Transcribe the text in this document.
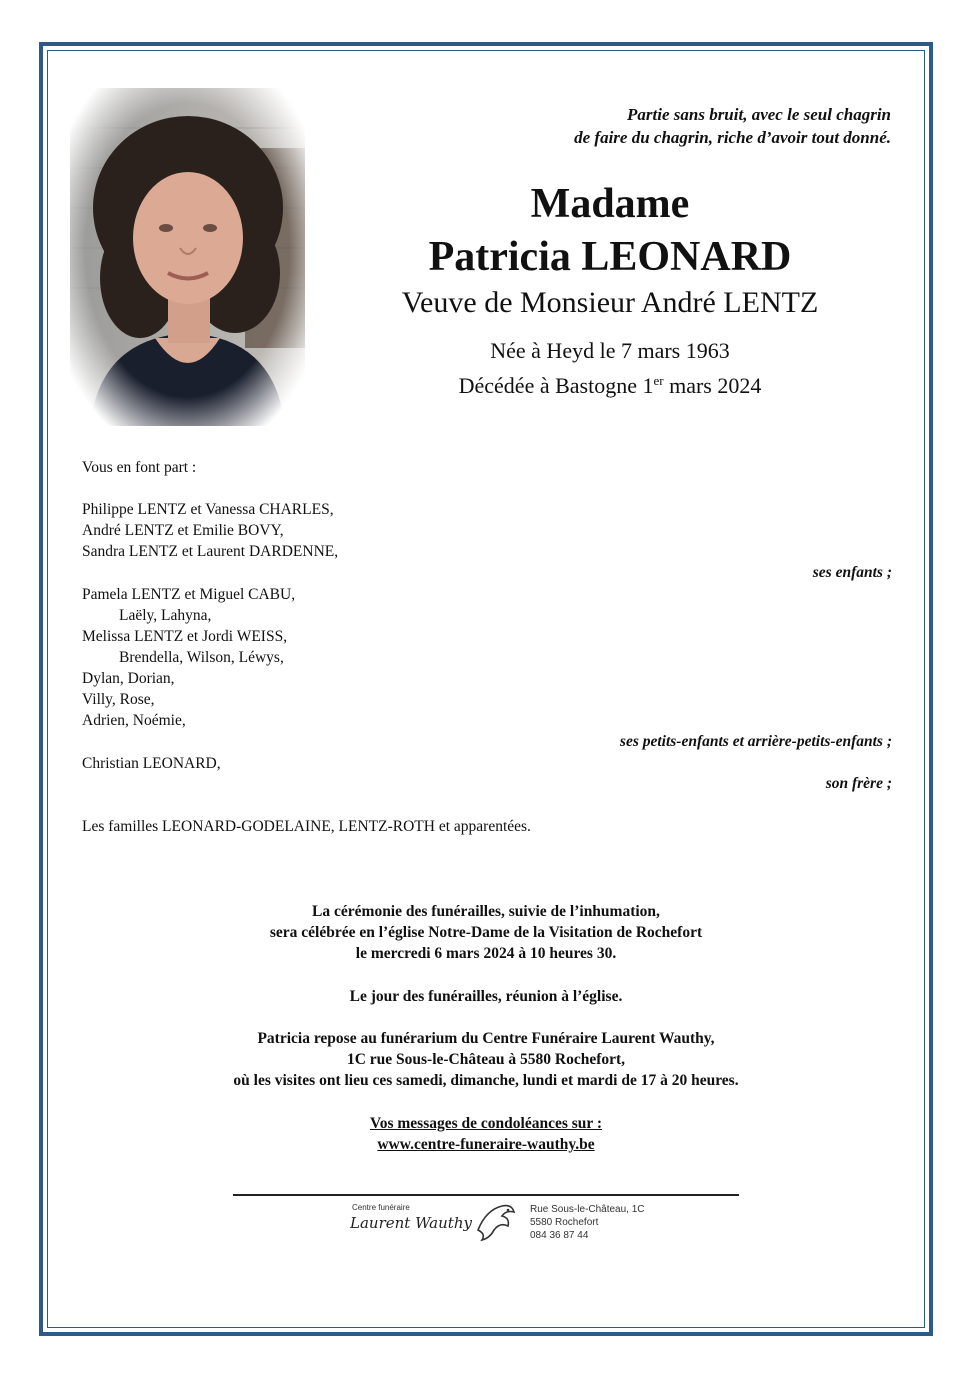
Partie sans bruit, avec le seul chagrin
de faire du chagrin, riche d’avoir tout donné.
Madame
Patricia LEONARD
Veuve de Monsieur André LENTZ
Née à Heyd le 7 mars 1963
Décédée à Bastogne 1er mars 2024
Vous en font part :
Philippe LENTZ et Vanessa CHARLES,
André LENTZ et Emilie BOVY,
Sandra LENTZ et Laurent DARDENNE,
ses enfants ;
Pamela LENTZ et Miguel CABU,
Laëly, Lahyna,
Melissa LENTZ et Jordi WEISS,
Brendella, Wilson, Léwys,
Dylan, Dorian,
Villy, Rose,
Adrien, Noémie,
ses petits-enfants et arrière-petits-enfants ;
Christian LEONARD,
son frère ;
Les familles LEONARD-GODELAINE, LENTZ-ROTH et apparentées.
La cérémonie des funérailles, suivie de l’inhumation,
sera célébrée en l’église Notre-Dame de la Visitation de Rochefort
le mercredi 6 mars 2024 à 10 heures 30.
Le jour des funérailles, réunion à l’église.
Patricia repose au funérarium du Centre Funéraire Laurent Wauthy,
1C rue Sous-le-Château à 5580 Rochefort,
où les visites ont lieu ces samedi, dimanche, lundi et mardi de 17 à 20 heures.
Vos messages de condoléances sur :
www.centre-funeraire-wauthy.be
Centre funéraire
Laurent Wauthy
Rue Sous-le-Château, 1C
5580 Rochefort
084 36 87 44
